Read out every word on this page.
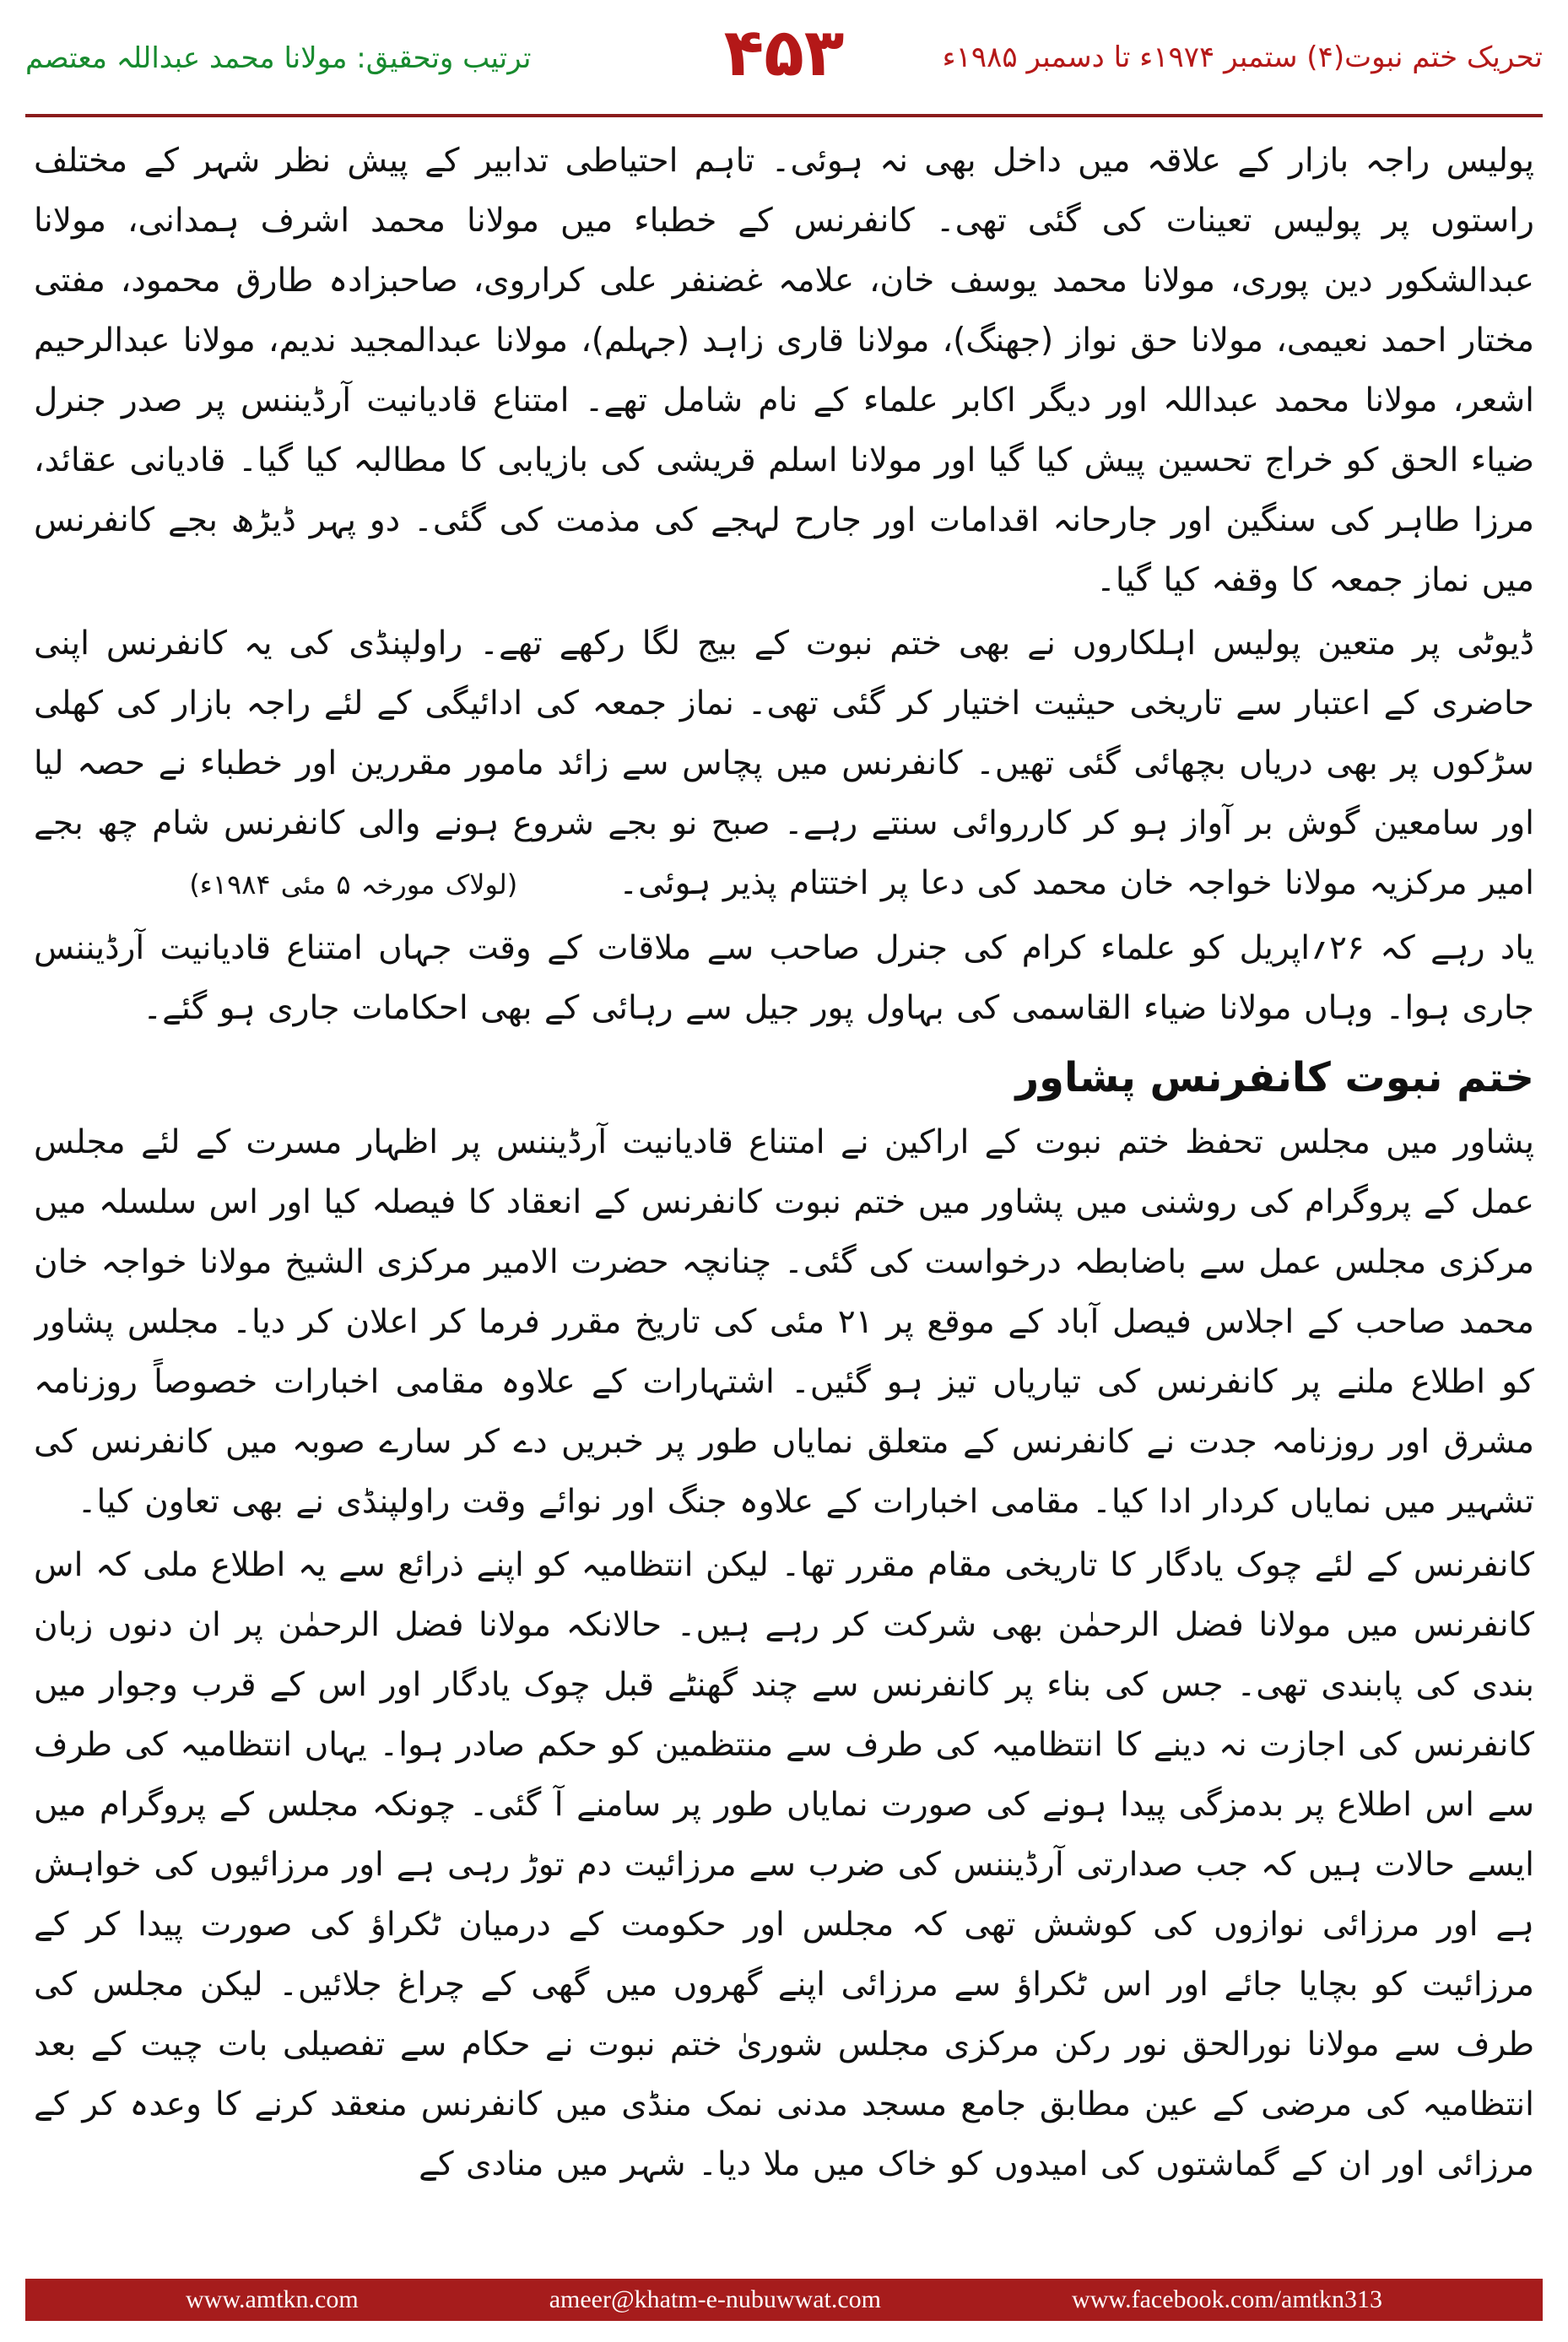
ترتیب وتحقیق: مولانا محمد عبداللہ معتصم	۴۵۳	تحریک ختم نبوت(۴) ستمبر ۱۹۷۴ء تا دسمبر ۱۹۸۵ء

پولیس راجہ بازار کے علاقہ میں داخل بھی نہ ہوئی۔ تاہم احتیاطی تدابیر کے پیش نظر شہر کے مختلف راستوں پر پولیس تعینات کی گئی تھی۔ کانفرنس کے خطباء میں مولانا محمد اشرف ہمدانی، مولانا عبدالشکور دین پوری، مولانا محمد یوسف خان، علامہ غضنفر علی کراروی، صاحبزادہ طارق محمود، مفتی مختار احمد نعیمی، مولانا حق نواز (جھنگ)، مولانا قاری زاہد (جہلم)، مولانا عبدالمجید ندیم، مولانا عبدالرحیم اشعر، مولانا محمد عبداللہ اور دیگر اکابر علماء کے نام شامل تھے۔ امتناع قادیانیت آرڈیننس پر صدر جنرل ضیاء الحق کو خراج تحسین پیش کیا گیا اور مولانا اسلم قریشی کی بازیابی کا مطالبہ کیا گیا۔ قادیانی عقائد، مرزا طاہر کی سنگین اور جارحانہ اقدامات اور جارح لہجے کی مذمت کی گئی۔ دو پہر ڈیڑھ بجے کانفرنس میں نماز جمعہ کا وقفہ کیا گیا۔

ڈیوٹی پر متعین پولیس اہلکاروں نے بھی ختم نبوت کے بیج لگا رکھے تھے۔ راولپنڈی کی یہ کانفرنس اپنی حاضری کے اعتبار سے تاریخی حیثیت اختیار کر گئی تھی۔ نماز جمعہ کی ادائیگی کے لئے راجہ بازار کی کھلی سڑکوں پر بھی دریاں بچھائی گئی تھیں۔ کانفرنس میں پچاس سے زائد مامور مقررین اور خطباء نے حصہ لیا اور سامعین گوش بر آواز ہو کر کارروائی سنتے رہے۔ صبح نو بجے شروع ہونے والی کانفرنس شام چھ بجے امیر مرکزیہ مولانا خواجہ خان محمد کی دعا پر اختتام پذیر ہوئی۔(لولاک مورخہ ۵ مئی ۱۹۸۴ء)

یاد رہے کہ ۲۶؍اپریل کو علماء کرام کی جنرل صاحب سے ملاقات کے وقت جہاں امتناع قادیانیت آرڈیننس جاری ہوا۔ وہاں مولانا ضیاء القاسمی کی بہاول پور جیل سے رہائی کے بھی احکامات جاری ہو گئے۔

ختم نبوت کانفرنس پشاور

پشاور میں مجلس تحفظ ختم نبوت کے اراکین نے امتناع قادیانیت آرڈیننس پر اظہار مسرت کے لئے مجلس عمل کے پروگرام کی روشنی میں پشاور میں ختم نبوت کانفرنس کے انعقاد کا فیصلہ کیا اور اس سلسلہ میں مرکزی مجلس عمل سے باضابطہ درخواست کی گئی۔ چنانچہ حضرت الامیر مرکزی الشیخ مولانا خواجہ خان محمد صاحب کے اجلاس فیصل آباد کے موقع پر ۲۱ مئی کی تاریخ مقرر فرما کر اعلان کر دیا۔ مجلس پشاور کو اطلاع ملنے پر کانفرنس کی تیاریاں تیز ہو گئیں۔ اشتہارات کے علاوہ مقامی اخبارات خصوصاً روزنامہ مشرق اور روزنامہ جدت نے کانفرنس کے متعلق نمایاں طور پر خبریں دے کر سارے صوبہ میں کانفرنس کی تشہیر میں نمایاں کردار ادا کیا۔ مقامی اخبارات کے علاوہ جنگ اور نوائے وقت راولپنڈی نے بھی تعاون کیا۔

کانفرنس کے لئے چوک یادگار کا تاریخی مقام مقرر تھا۔ لیکن انتظامیہ کو اپنے ذرائع سے یہ اطلاع ملی کہ اس کانفرنس میں مولانا فضل الرحمٰن بھی شرکت کر رہے ہیں۔ حالانکہ مولانا فضل الرحمٰن پر ان دنوں زبان بندی کی پابندی تھی۔ جس کی بناء پر کانفرنس سے چند گھنٹے قبل چوک یادگار اور اس کے قرب وجوار میں کانفرنس کی اجازت نہ دینے کا انتظامیہ کی طرف سے منتظمین کو حکم صادر ہوا۔ یہاں انتظامیہ کی طرف سے اس اطلاع پر بدمزگی پیدا ہونے کی صورت نمایاں طور پر سامنے آ گئی۔ چونکہ مجلس کے پروگرام میں ایسے حالات ہیں کہ جب صدارتی آرڈیننس کی ضرب سے مرزائیت دم توڑ رہی ہے اور مرزائیوں کی خواہش ہے اور مرزائی نوازوں کی کوشش تھی کہ مجلس اور حکومت کے درمیان ٹکراؤ کی صورت پیدا کر کے مرزائیت کو بچایا جائے اور اس ٹکراؤ سے مرزائی اپنے گھروں میں گھی کے چراغ جلائیں۔ لیکن مجلس کی طرف سے مولانا نورالحق نور رکن مرکزی مجلس شوریٰ ختم نبوت نے حکام سے تفصیلی بات چیت کے بعد انتظامیہ کی مرضی کے عین مطابق جامع مسجد مدنی نمک منڈی میں کانفرنس منعقد کرنے کا وعدہ کر کے مرزائی اور ان کے گماشتوں کی امیدوں کو خاک میں ملا دیا۔ شہر میں منادی کے

www.amtkn.com	ameer@khatm-e-nubuwwat.com	www.facebook.com/amtkn313
